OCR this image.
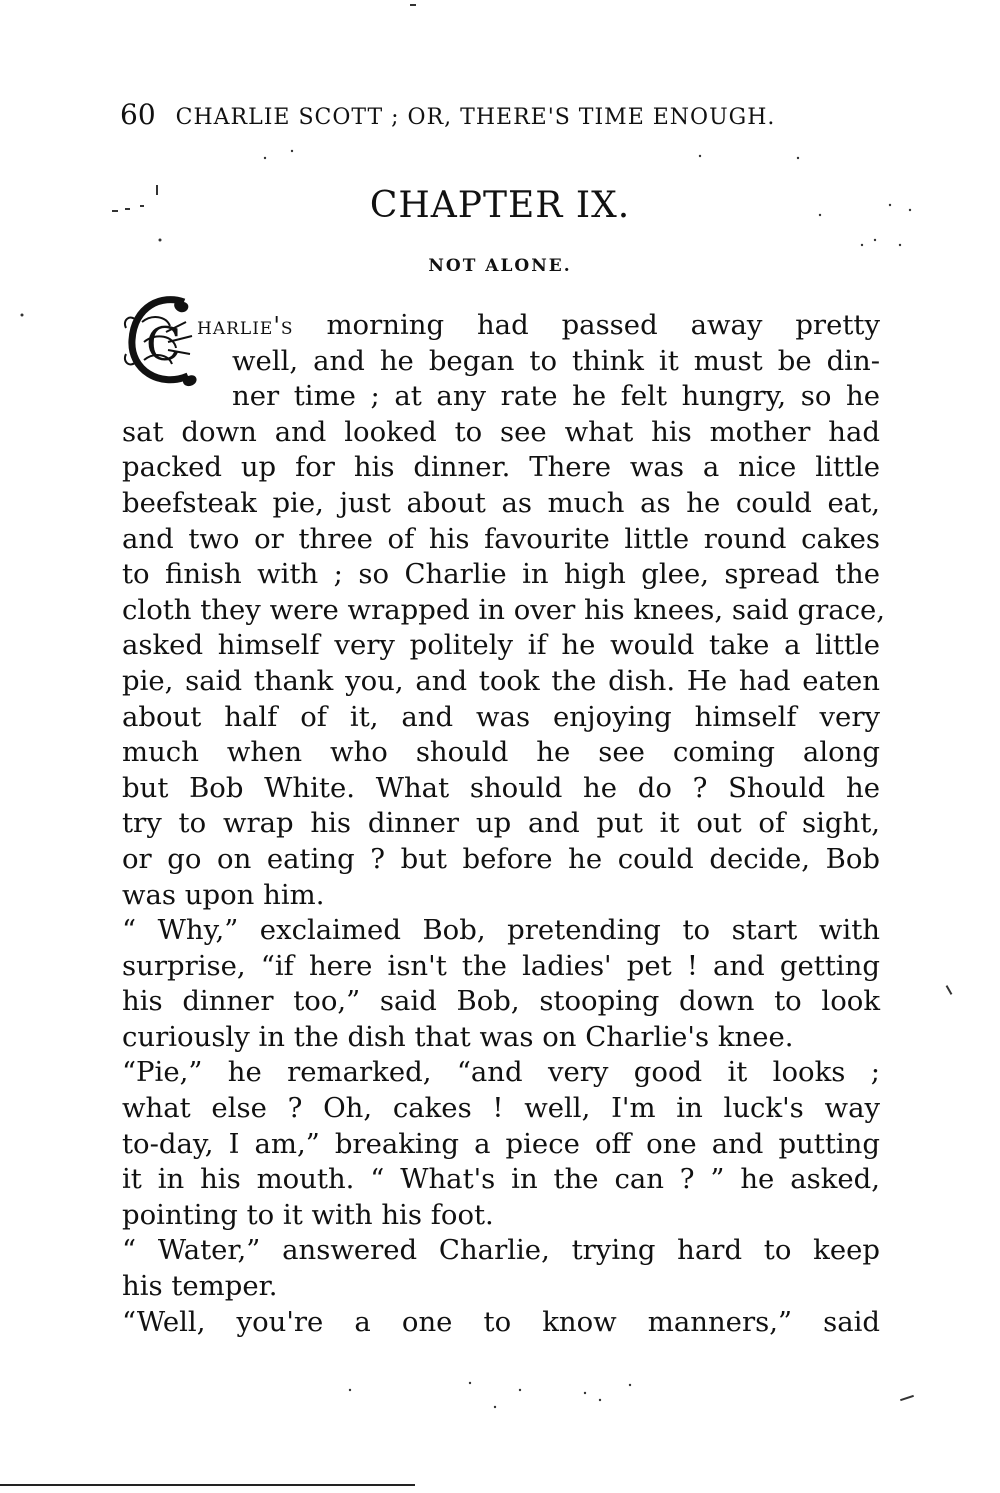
60 CHARLIE SCOTT ; OR, THERE'S TIME ENOUGH.
CHAPTER IX.
NOT ALONE.
C harlie's morning had passed away pretty
well, and he began to think it must be din-
ner time ; at any rate he felt hungry, so he
sat down and looked to see what his mother had
packed up for his dinner. There was a nice little
beefsteak pie, just about as much as he could eat,
and two or three of his favourite little round cakes
to finish with ; so Charlie in high glee, spread the
cloth they were wrapped in over his knees, said grace,
asked himself very politely if he would take a little
pie, said thank you, and took the dish. He had eaten
about half of it, and was enjoying himself very
much when who should he see coming along
but Bob White. What should he do ? Should he
try to wrap his dinner up and put it out of sight,
or go on eating ? but before he could decide, Bob
was upon him.
“ Why,” exclaimed Bob, pretending to start with
surprise, “if here isn't the ladies' pet ! and getting
his dinner too,” said Bob, stooping down to look
curiously in the dish that was on Charlie's knee.
“Pie,” he remarked, “and very good it looks ;
what else ? Oh, cakes ! well, I'm in luck's way
to-day, I am,” breaking a piece off one and putting
it in his mouth. “ What's in the can ? ” he asked,
pointing to it with his foot.
“ Water,” answered Charlie, trying hard to keep
his temper.
“Well, you're a one to know manners,” said
